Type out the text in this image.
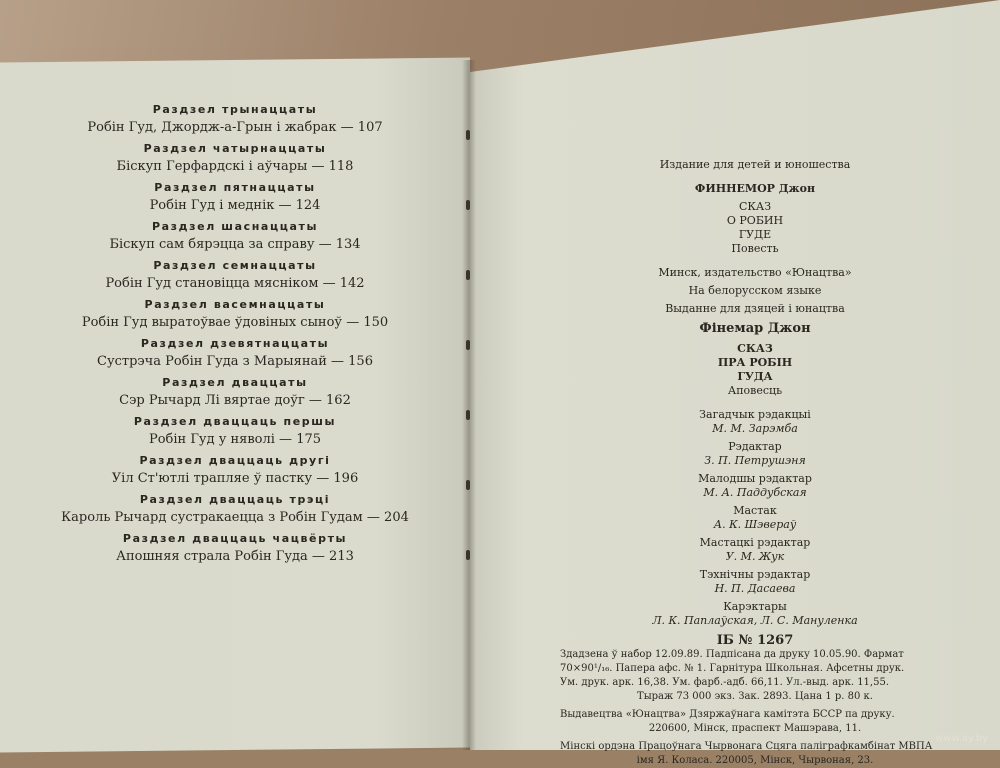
Раздзел трынаццаты
Робін Гуд, Джордж-а-Грын і жабрак — 107
Раздзел чатырнаццаты
Біскуп Герфардскі і аўчары — 118
Раздзел пятнаццаты
Робін Гуд і меднік — 124
Раздзел шаснаццаты
Біскуп сам бярэцца за справу — 134
Раздзел семнаццаты
Робін Гуд становіцца мясніком — 142
Раздзел васемнаццаты
Робін Гуд выратоўвае ўдовіных сыноў — 150
Раздзел дзевятнаццаты
Сустрэча Робін Гуда з Марыянай — 156
Раздзел дваццаты
Сэр Рычард Лі вяртае доўг — 162
Раздзел дваццаць першы
Робін Гуд у няволі — 175
Раздзел дваццаць другі
Уіл Ст'ютлі трапляе ў пастку — 196
Раздзел дваццаць трэці
Кароль Рычард сустракаецца з Робін Гудам — 204
Раздзел дваццаць чацвёрты
Апошняя страла Робін Гуда — 213
Издание для детей и юношества
ФИННЕМОР Джон
СКАЗ
О РОБИН
ГУДЕ
Повесть
Минск, издательство «Юнацтва»
На белорусском языке
Выданне для дзяцей і юнацтва
Фінемар Джон
СКАЗ
ПРА РОБІН
ГУДА
Аповесць
Загадчык рэдакцыі
М. М. Зарэмба
Рэдактар
З. П. Петрушэня
Малодшы рэдактар
М. А. Паддубская
Мастак
А. К. Шэвераў
Мастацкі рэдактар
У. М. Жук
Тэхнічны рэдактар
Н. П. Дасаева
Карэктары
Л. К. Паплаўская, Л. С. Мануленка
ІБ № 1267
Здадзена ў набор 12.09.89. Падпісана да друку 10.05.90. Фармат
70×90¹/₁₆. Папера афс. № 1. Гарнітура Школьная. Афсетны друк.
Ум. друк. арк. 16,38. Ум. фарб.-адб. 66,11. Ул.-выд. арк. 11,55.
Тыраж 73 000 экз. Зак. 2893. Цана 1 р. 80 к.
Выдавецтва «Юнацтва» Дзяржаўнага камітэта БССР па друку.
220600, Мінск, праспект Машэрава, 11.
Мінскі ордэна Працоўнага Чырвонага Сцяга паліграфкамбінат МВПА
імя Я. Коласа. 220005, Мінск, Чырвоная, 23.
www.ay.by
